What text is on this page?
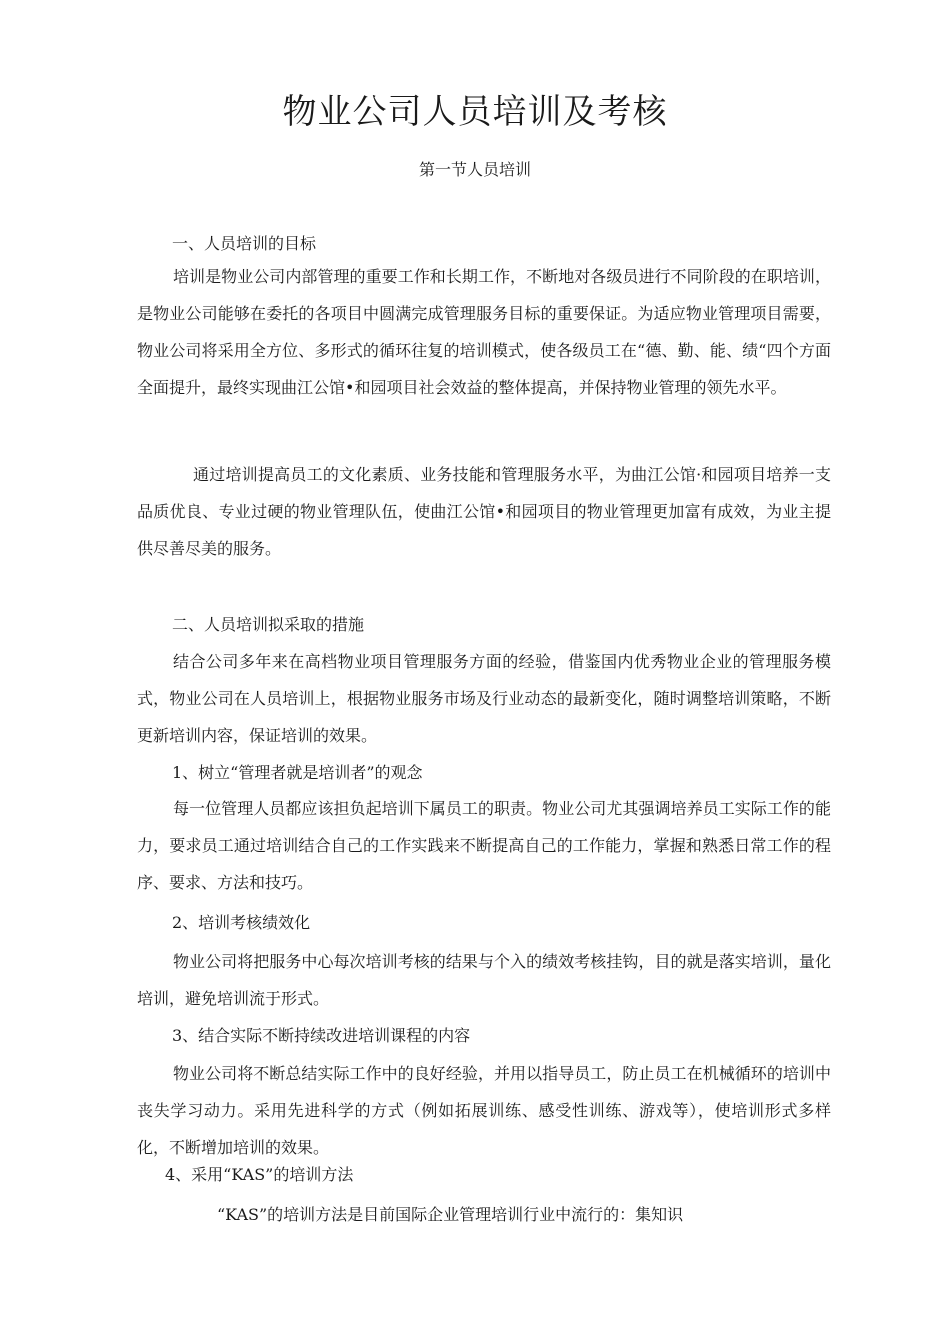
物业公司人员培训及考核
第一节人员培训
一、人员培训的目标

培训是物业公司内部管理的重要工作和长期工作，不断地对各级员进行不同阶段的在职培训，是物业公司能够在委托的各项目中圆满完成管理服务目标的重要保证。为适应物业管理项目需要，物业公司将采用全方位、多形式的循环往复的培训模式，使各级员工在“德、勤、能、绩“四个方面全面提升，最终实现曲江公馆•和园项目社会效益的整体提高，并保持物业管理的领先水平。

通过培训提高员工的文化素质、业务技能和管理服务水平，为曲江公馆·和园项目培养一支品质优良、专业过硬的物业管理队伍，使曲江公馆•和园项目的物业管理更加富有成效，为业主提供尽善尽美的服务。

二、人员培训拟采取的措施

结合公司多年来在高档物业项目管理服务方面的经验，借鉴国内优秀物业企业的管理服务模式，物业公司在人员培训上，根据物业服务市场及行业动态的最新变化，随时调整培训策略，不断更新培训内容，保证培训的效果。

1、树立“管理者就是培训者”的观念

每一位管理人员都应该担负起培训下属员工的职责。物业公司尤其强调培养员工实际工作的能力，要求员工通过培训结合自己的工作实践来不断提高自己的工作能力，掌握和熟悉日常工作的程序、要求、方法和技巧。

2、培训考核绩效化

物业公司将把服务中心每次培训考核的结果与个入的绩效考核挂钩，目的就是落实培训，量化培训，避免培训流于形式。

3、结合实际不断持续改进培训课程的内容

物业公司将不断总结实际工作中的良好经验，并用以指导员工，防止员工在机械循环的培训中丧失学习动力。采用先进科学的方式（例如拓展训练、感受性训练、游戏等），使培训形式多样化，不断增加培训的效果。

4、采用“KAS”的培训方法

“KAS”的培训方法是目前国际企业管理培训行业中流行的：集知识
